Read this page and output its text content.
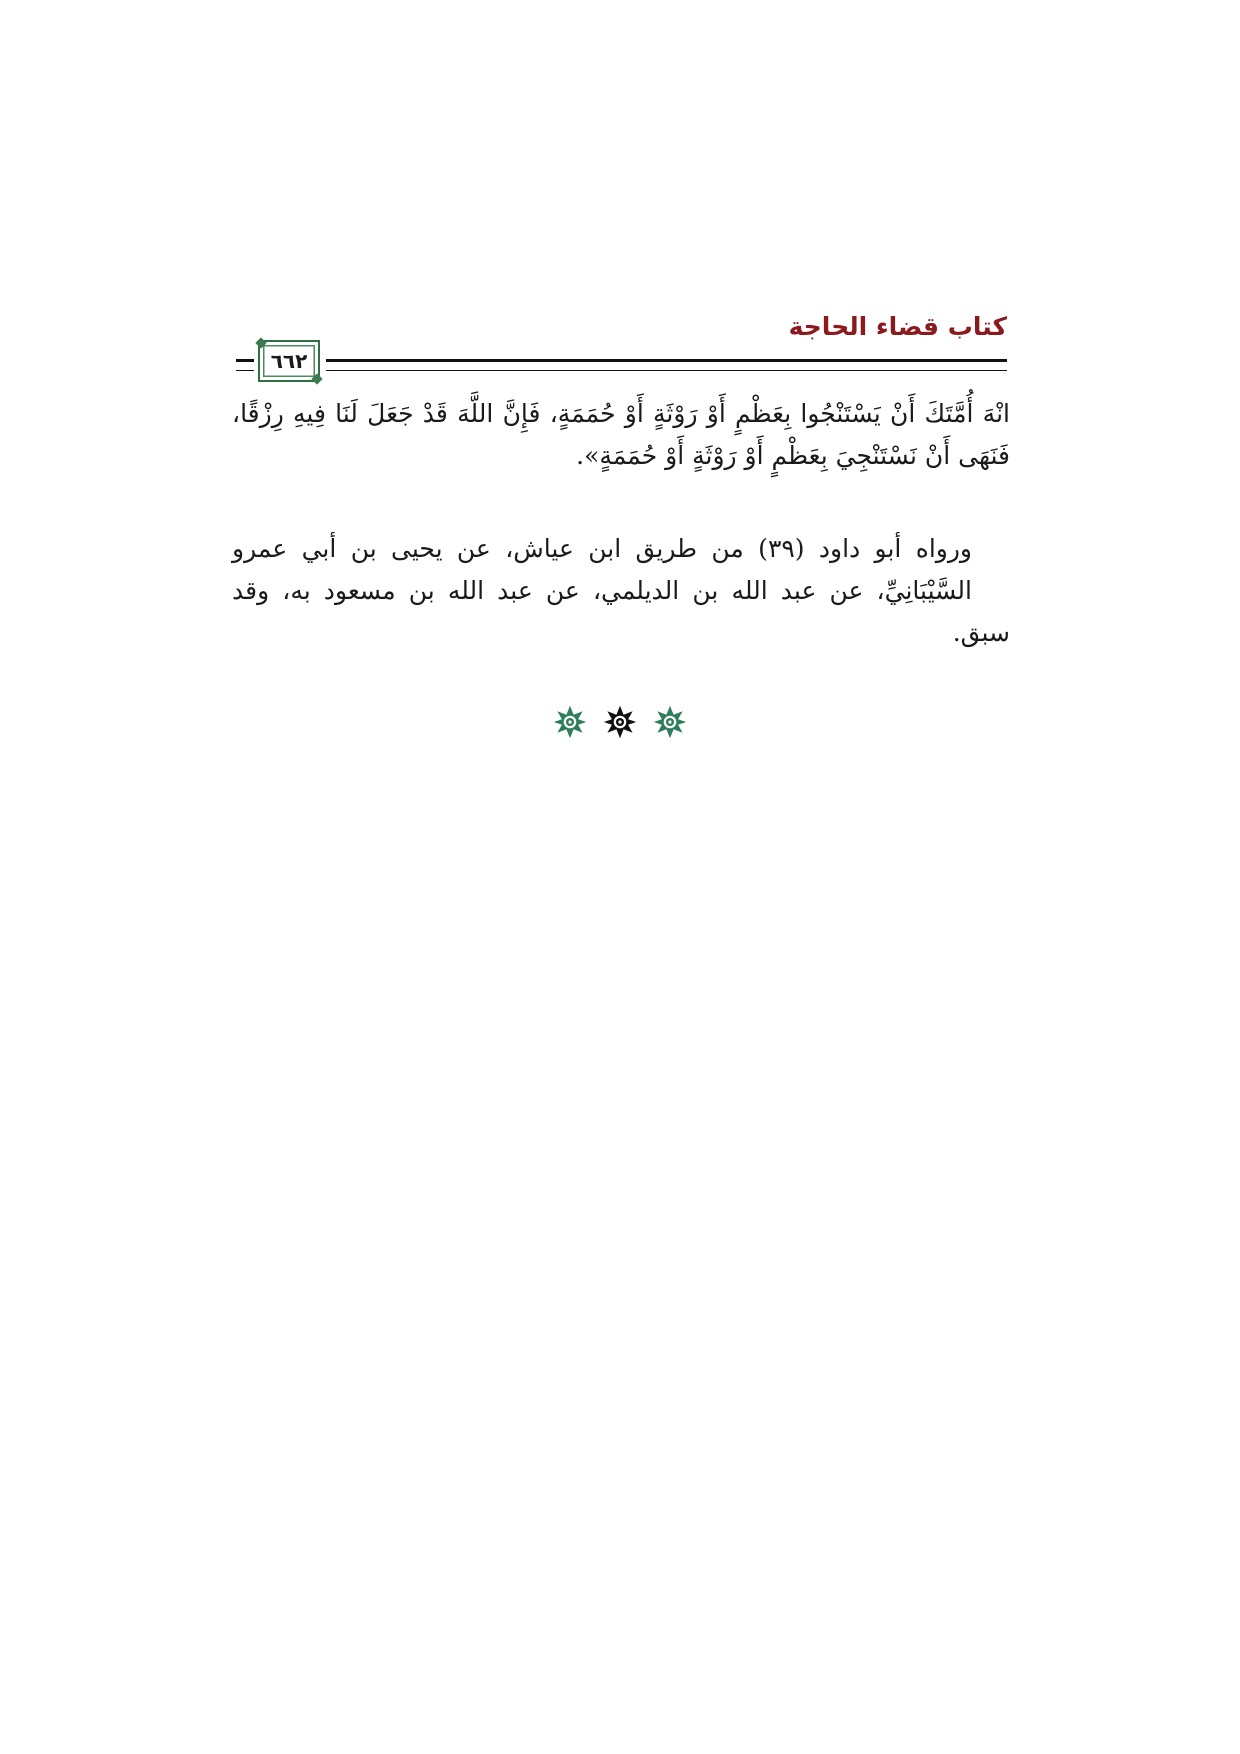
كتاب قضاء الحاجة
٦٦٢
انْهَ أُمَّتَكَ أَنْ يَسْتَنْجُوا بِعَظْمٍ أَوْ رَوْثَةٍ أَوْ حُمَمَةٍ، فَإِنَّ اللَّهَ قَدْ جَعَلَ لَنَا فِيهِ رِزْقًا،
فَنَهَى أَنْ نَسْتَنْجِيَ بِعَظْمٍ أَوْ رَوْثَةٍ أَوْ حُمَمَةٍ».
ورواه أبو داود (٣٩) من طريق ابن عياش، عن يحيى بن أبي عمرو
السَّيْبَانِيِّ، عن عبد الله بن الديلمي، عن عبد الله بن مسعود به، وقد سبق.
